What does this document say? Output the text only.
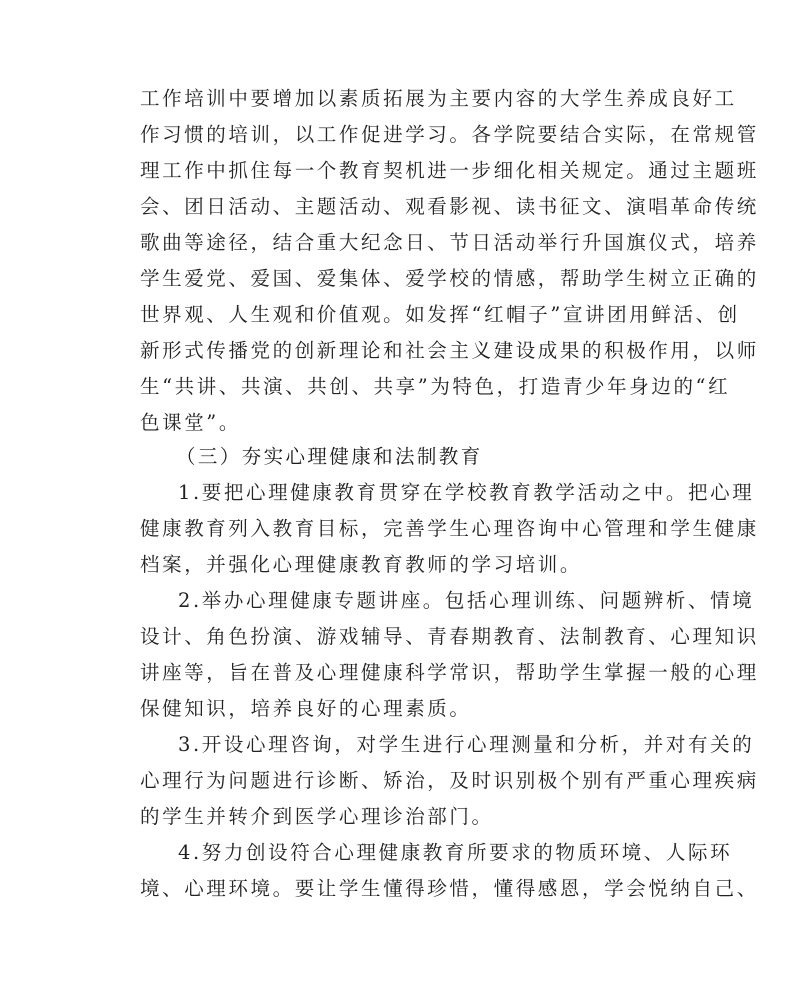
工作培训中要增加以素质拓展为主要内容的大学生养成良好工
作习惯的培训，以工作促进学习。各学院要结合实际，在常规管
理工作中抓住每一个教育契机进一步细化相关规定。通过主题班
会、团日活动、主题活动、观看影视、读书征文、演唱革命传统
歌曲等途径，结合重大纪念日、节日活动举行升国旗仪式，培养
学生爱党、爱国、爱集体、爱学校的情感，帮助学生树立正确的
世界观、人生观和价值观。如发挥“红帽子”宣讲团用鲜活、创
新形式传播党的创新理论和社会主义建设成果的积极作用，以师
生“共讲、共演、共创、共享”为特色，打造青少年身边的“红
色课堂”。
（三）夯实心理健康和法制教育
1.要把心理健康教育贯穿在学校教育教学活动之中。把心理
健康教育列入教育目标，完善学生心理咨询中心管理和学生健康
档案，并强化心理健康教育教师的学习培训。
2.举办心理健康专题讲座。包括心理训练、问题辨析、情境
设计、角色扮演、游戏辅导、青春期教育、法制教育、心理知识
讲座等，旨在普及心理健康科学常识，帮助学生掌握一般的心理
保健知识，培养良好的心理素质。
3.开设心理咨询，对学生进行心理测量和分析，并对有关的
心理行为问题进行诊断、矫治，及时识别极个别有严重心理疾病
的学生并转介到医学心理诊治部门。
4.努力创设符合心理健康教育所要求的物质环境、人际环
境、心理环境。要让学生懂得珍惜，懂得感恩，学会悦纳自己、
